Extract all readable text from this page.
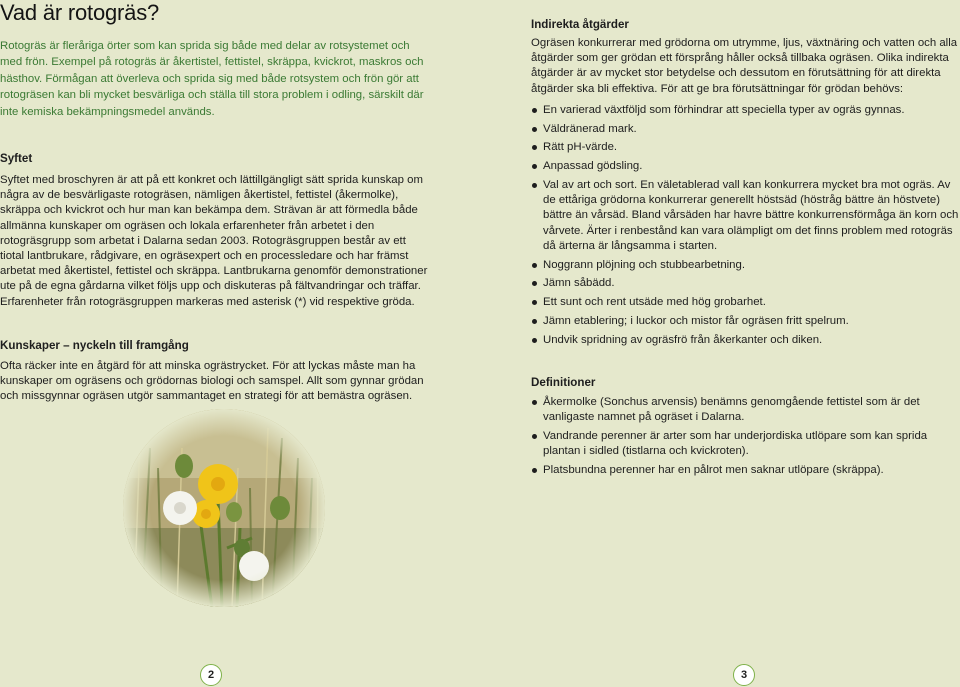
Vad är rotogräs?

Rotogräs är fleråriga örter som kan sprida sig både med delar av rotsystemet och med frön. Exempel på rotogräs är åkertistel, fettistel, skräppa, kvickrot, maskros och hästhov. Förmågan att överleva och sprida sig med både rotsystem och frön gör att rotogräsen kan bli mycket besvärliga och ställa till stora problem i odling, särskilt där inte kemiska bekämpningsmedel används.

Syftet

Syftet med broschyren är att på ett konkret och lättillgängligt sätt sprida kunskap om några av de besvärligaste rotogräsen, nämligen åkertistel, fettistel (åkermolke), skräppa och kvickrot och hur man kan bekämpa dem. Strävan är att förmedla både allmänna kunskaper om ogräsen och lokala erfarenheter från arbetet i den rotogräsgrupp som arbetat i Dalarna sedan 2003. Rotogräsgruppen består av ett tiotal lantbrukare, rådgivare, en ogräsexpert och en processledare och har främst arbetat med åkertistel, fettistel och skräppa. Lantbrukarna genomför demonstrationer ute på de egna gårdarna vilket följs upp och diskuteras på fältvandringar och träffar. Erfarenheter från rotogräsgruppen markeras med asterisk (*) vid respektive gröda.

Kunskaper – nyckeln till framgång

Ofta räcker inte en åtgärd för att minska ogrästrycket. För att lyckas måste man ha kunskaper om ogräsens och grödornas biologi och samspel. Allt som gynnar grödan och missgynnar ogräsen utgör sammantaget en strategi för att bemästra ogräsen.

Indirekta åtgärder

Ogräsen konkurrerar med grödorna om utrymme, ljus, växtnäring och vatten och alla åtgärder som ger grödan ett försprång håller också tillbaka ogräsen. Olika indirekta åtgärder är av mycket stor betydelse och dessutom en förutsättning för att direkta åtgärder ska bli effektiva. För att ge bra förutsättningar för grödan behövs:

En varierad växtföljd som förhindrar att speciella typer av ogräs gynnas.
Väldränerad mark.
Rätt pH-värde.
Anpassad gödsling.
Val av art och sort. En väletablerad vall kan konkurrera mycket bra mot ogräs. Av de ettåriga grödorna konkurrerar generellt höstsäd (höstråg bättre än höstvete) bättre än vårsäd. Bland vårsäden har havre bättre konkurrensförmåga än korn och vårvete. Ärter i renbestånd kan vara olämpligt om det finns problem med rotogräs då ärterna är långsamma i starten.
Noggrann plöjning och stubbearbetning.
Jämn såbädd.
Ett sunt och rent utsäde med hög grobarhet.
Jämn etablering; i luckor och mistor får ogräsen fritt spelrum.
Undvik spridning av ogräsfrö från åkerkanter och diken.
Definitioner
Åkermolke (Sonchus arvensis) benämns genomgående fettistel som är det vanligaste namnet på ogräset i Dalarna.
Vandrande perenner är arter som har underjordiska utlöpare som kan sprida plantan i sidled (tistlarna och kvickroten).
Platsbundna perenner har en pålrot men saknar utlöpare (skräppa).
2	3
